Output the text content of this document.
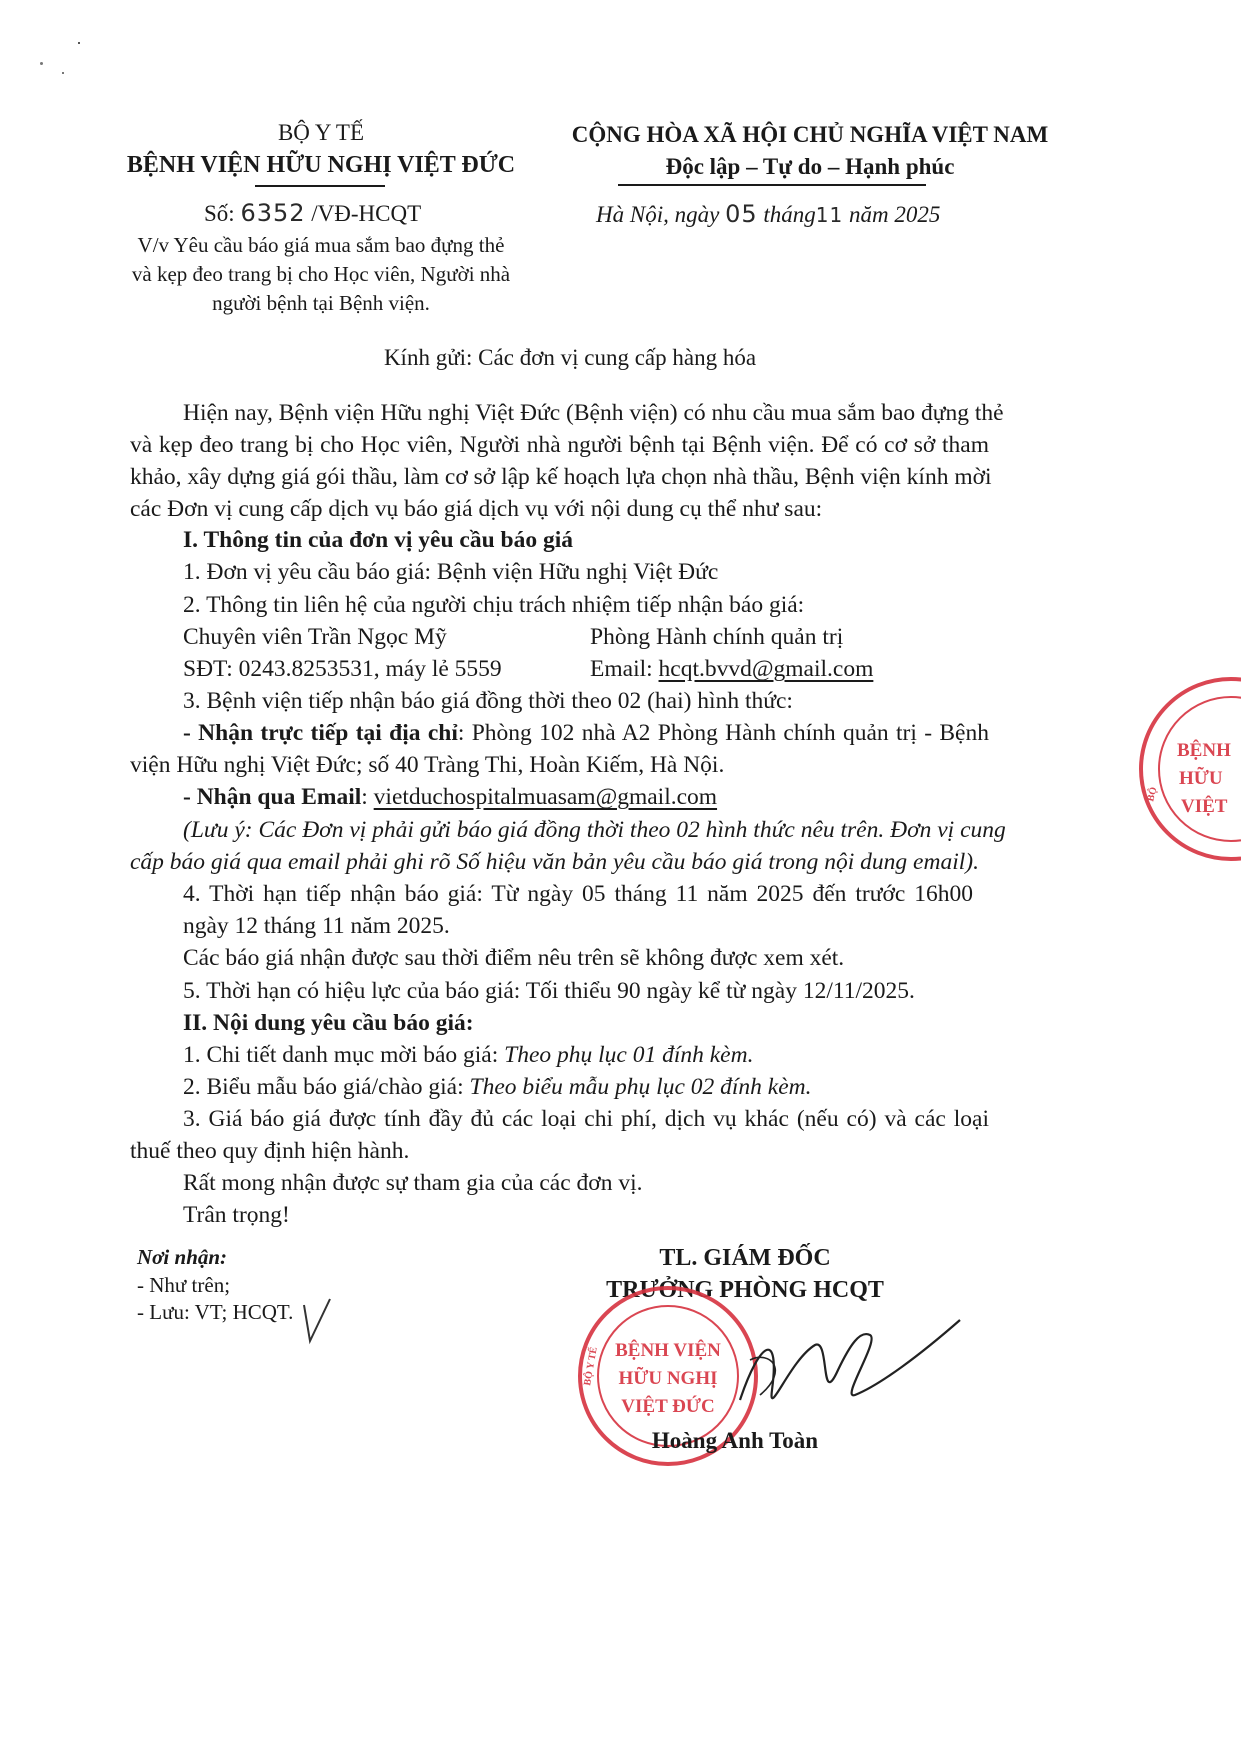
BỘ Y TẾ
BỆNH VIỆN HỮU NGHỊ VIỆT ĐỨC
Số: 6352 /VĐ-HCQT
V/v Yêu cầu báo giá mua sắm bao đựng thẻ
và kẹp đeo trang bị cho Học viên, Người nhà
người bệnh tại Bệnh viện.
CỘNG HÒA XÃ HỘI CHỦ NGHĨA VIỆT NAM
Độc lập – Tự do – Hạnh phúc
Hà Nội, ngày 05 tháng11 năm 2025
Kính gửi: Các đơn vị cung cấp hàng hóa
Hiện nay, Bệnh viện Hữu nghị Việt Đức (Bệnh viện) có nhu cầu mua sắm bao đựng thẻ
và kẹp đeo trang bị cho Học viên, Người nhà người bệnh tại Bệnh viện. Để có cơ sở tham
khảo, xây dựng giá gói thầu, làm cơ sở lập kế hoạch lựa chọn nhà thầu, Bệnh viện kính mời
các Đơn vị cung cấp dịch vụ báo giá dịch vụ với nội dung cụ thể như sau:
I. Thông tin của đơn vị yêu cầu báo giá
1. Đơn vị yêu cầu báo giá: Bệnh viện Hữu nghị Việt Đức
2. Thông tin liên hệ của người chịu trách nhiệm tiếp nhận báo giá:
Chuyên viên Trần Ngọc Mỹ	Phòng Hành chính quản trị
SĐT: 0243.8253531, máy lẻ 5559	Email: hcqt.bvvd@gmail.com
3. Bệnh viện tiếp nhận báo giá đồng thời theo 02 (hai) hình thức:
- Nhận trực tiếp tại địa chỉ: Phòng 102 nhà A2 Phòng Hành chính quản trị - Bệnh
viện Hữu nghị Việt Đức; số 40 Tràng Thi, Hoàn Kiếm, Hà Nội.
- Nhận qua Email: vietduchospitalmuasam@gmail.com
(Lưu ý: Các Đơn vị phải gửi báo giá đồng thời theo 02 hình thức nêu trên. Đơn vị cung
cấp báo giá qua email phải ghi rõ Số hiệu văn bản yêu cầu báo giá trong nội dung email).
4. Thời hạn tiếp nhận báo giá: Từ ngày 05 tháng 11 năm 2025 đến trước 16h00
ngày 12 tháng 11 năm 2025.
Các báo giá nhận được sau thời điểm nêu trên sẽ không được xem xét.
5. Thời hạn có hiệu lực của báo giá: Tối thiểu 90 ngày kể từ ngày 12/11/2025.
II. Nội dung yêu cầu báo giá:
1. Chi tiết danh mục mời báo giá: Theo phụ lục 01 đính kèm.
2. Biểu mẫu báo giá/chào giá: Theo biểu mẫu phụ lục 02 đính kèm.
3. Giá báo giá được tính đầy đủ các loại chi phí, dịch vụ khác (nếu có) và các loại
thuế theo quy định hiện hành.
Rất mong nhận được sự tham gia của các đơn vị.
Trân trọng!
Nơi nhận:
- Như trên;
- Lưu: VT; HCQT.
TL. GIÁM ĐỐC
TRƯỞNG PHÒNG HCQT
BỆNH VIỆN
HỮU NGHỊ
VIỆT ĐỨC
BỘ Y TẾ
Hoàng Anh Toàn
BỆNH
HỮU
VIỆT
BỘ
